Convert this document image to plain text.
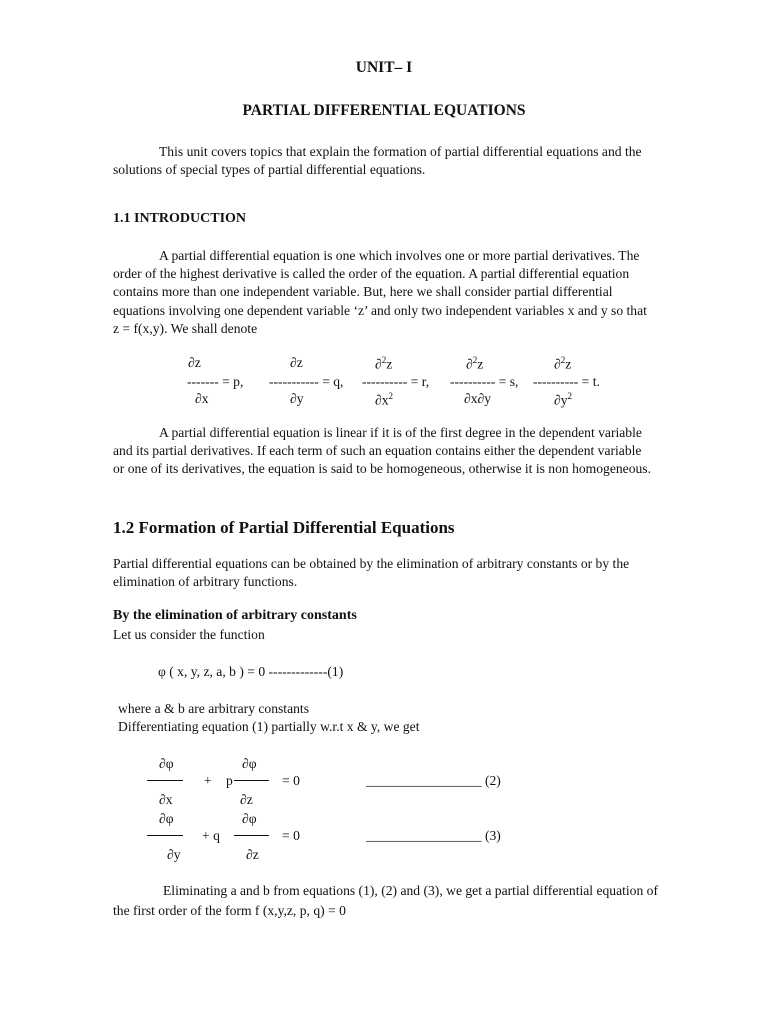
UNIT– I
PARTIAL DIFFERENTIAL EQUATIONS
This unit covers topics that explain the formation of partial differential equations and the solutions of special types of partial differential equations.
1.1 INTRODUCTION
A partial differential equation is one which involves one or more partial derivatives. The order of the highest derivative is called the order of the equation. A partial differential equation contains more than one independent variable. But, here we shall consider partial differential equations involving one dependent variable ‘z’ and only two independent variables x and y so that z = f(x,y). We shall denote
∂z
------- = p,
∂x
∂z
----------- = q,
∂y
∂$^2$z
---------- = r,
$\partial x^2$
∂$^2$z
---------- = s,
∂x∂y
∂$^2$z
---------- = t.
$\partial y^2$
A partial differential equation is linear if it is of the first degree in the dependent variable and its partial derivatives. If each term of such an equation contains either the dependent variable or one of its derivatives, the equation is said to be homogeneous, otherwise it is non homogeneous.
1.2 Formation of Partial Differential Equations
Partial differential equations can be obtained by the elimination of arbitrary constants or by the elimination of arbitrary functions.
By the elimination of arbitrary constants
Let us consider the function
φ ( x, y, z, a, b ) = 0 -------------(1)
where a & b are arbitrary constants
Differentiating equation (1) partially w.r.t x & y, we get
∂φ
∂x
+ p
∂φ
∂z
= 0	_________________ (2)
∂φ
∂y
+ q
∂φ
∂z
= 0	_________________ (3)
Eliminating a and b from equations (1), (2) and (3), we get a partial differential equation of the first order of the form f (x,y,z, p, q) = 0
